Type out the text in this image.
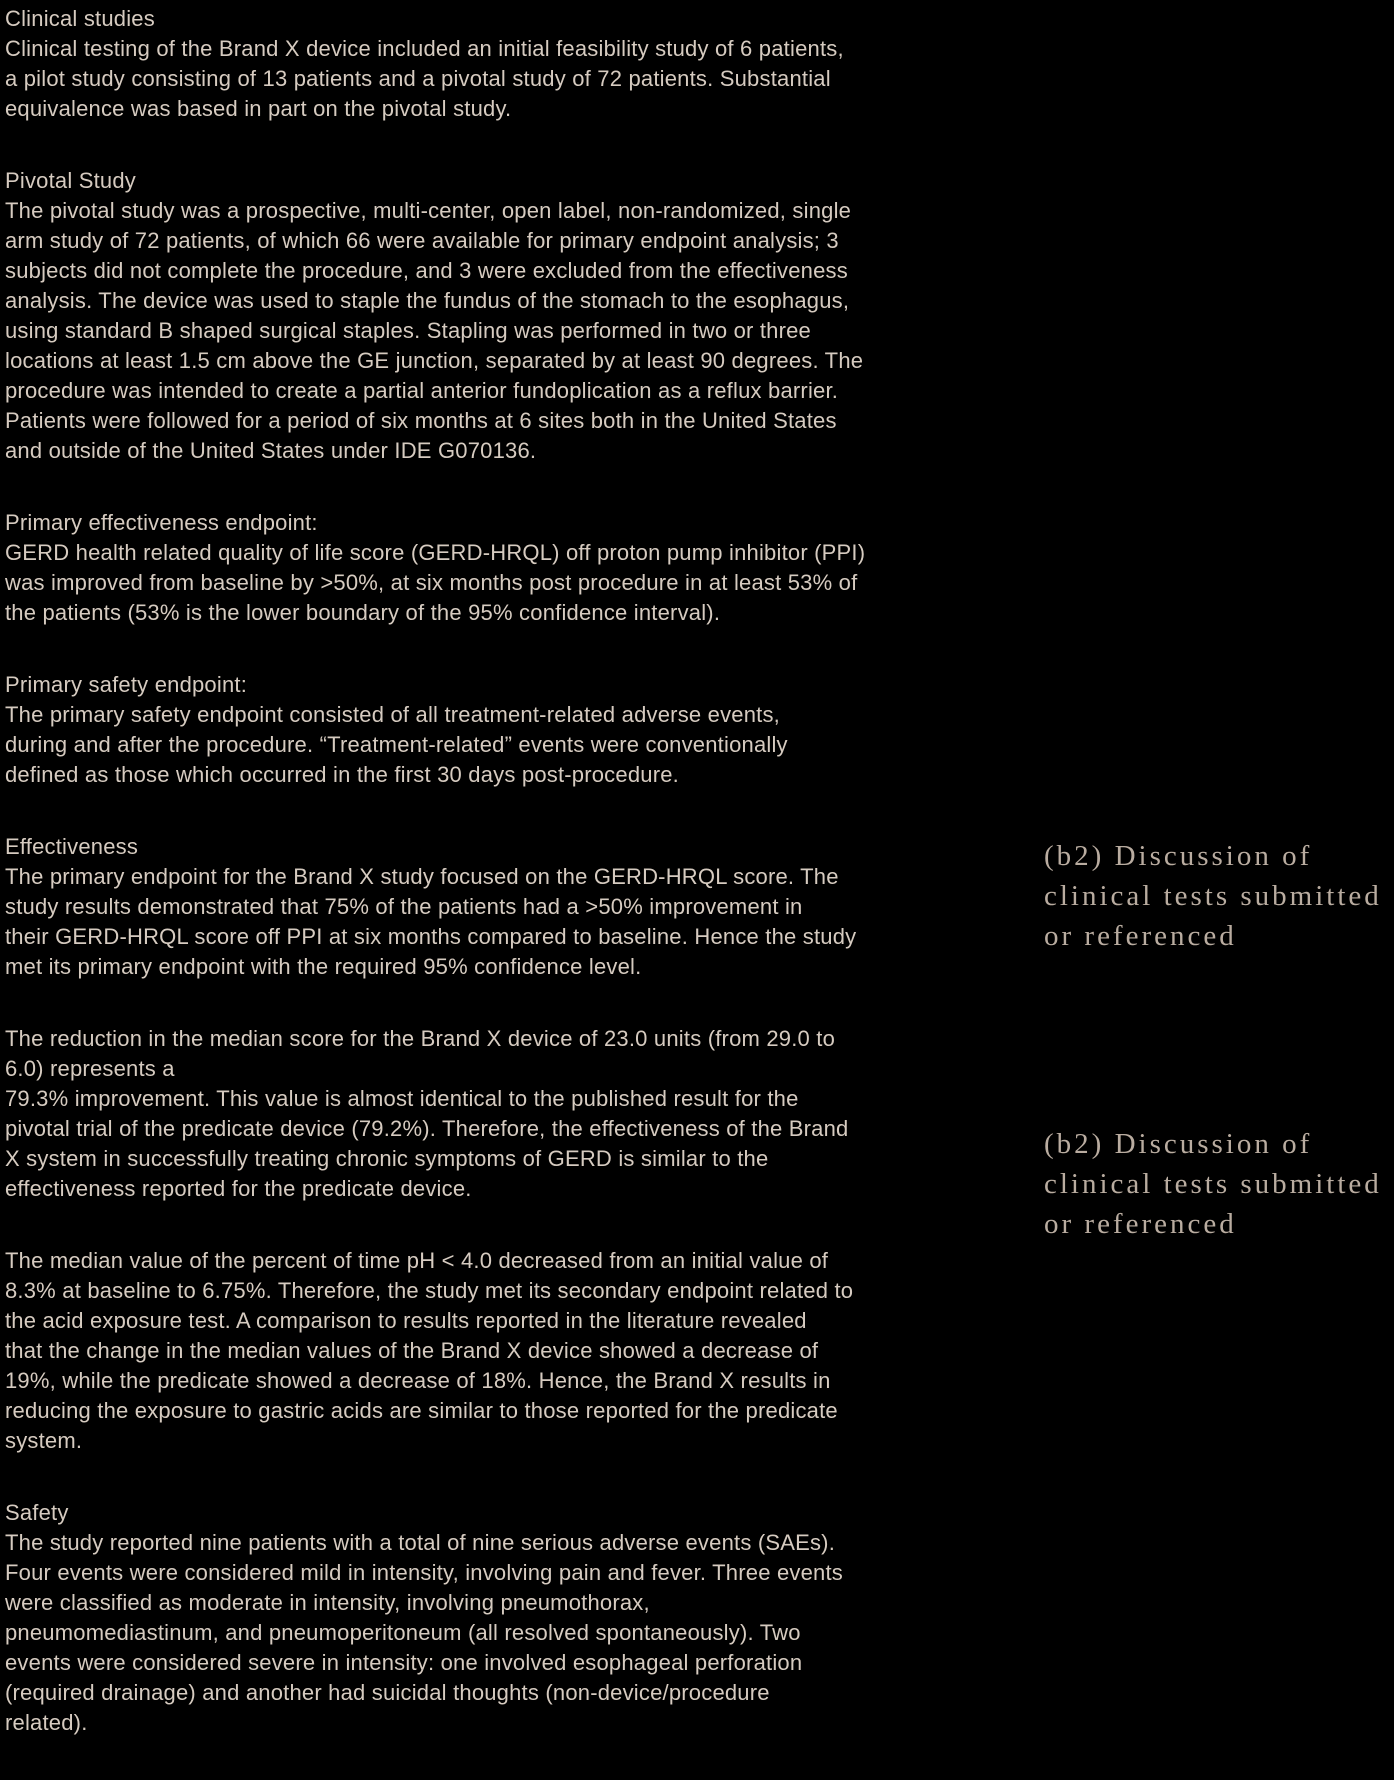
Clinical studies
Clinical testing of the Brand X device included an initial feasibility study of 6 patients,
a pilot study consisting of 13 patients and a pivotal study of 72 patients. Substantial
equivalence was based in part on the pivotal study.
Pivotal Study
The pivotal study was a prospective, multi-center, open label, non-randomized, single
arm study of 72 patients, of which 66 were available for primary endpoint analysis; 3
subjects did not complete the procedure, and 3 were excluded from the effectiveness
analysis. The device was used to staple the fundus of the stomach to the esophagus,
using standard B shaped surgical staples. Stapling was performed in two or three
locations at least 1.5 cm above the GE junction, separated by at least 90 degrees. The
procedure was intended to create a partial anterior fundoplication as a reflux barrier.
Patients were followed for a period of six months at 6 sites both in the United States
and outside of the United States under IDE G070136.
Primary effectiveness endpoint:
GERD health related quality of life score (GERD-HRQL) off proton pump inhibitor (PPI)
was improved from baseline by >50%, at six months post procedure in at least 53% of
the patients (53% is the lower boundary of the 95% confidence interval).
Primary safety endpoint:
The primary safety endpoint consisted of all treatment-related adverse events,
during and after the procedure. “Treatment-related” events were conventionally
defined as those which occurred in the first 30 days post-procedure.
Effectiveness
The primary endpoint for the Brand X study focused on the GERD-HRQL score. The
study results demonstrated that 75% of the patients had a >50% improvement in
their GERD-HRQL score off PPI at six months compared to baseline. Hence the study
met its primary endpoint with the required 95% confidence level.
The reduction in the median score for the Brand X device of 23.0 units (from 29.0 to
6.0) represents a
79.3% improvement. This value is almost identical to the published result for the
pivotal trial of the predicate device (79.2%). Therefore, the effectiveness of the Brand
X system in successfully treating chronic symptoms of GERD is similar to the
effectiveness reported for the predicate device.
The median value of the percent of time pH < 4.0 decreased from an initial value of
8.3% at baseline to 6.75%. Therefore, the study met its secondary endpoint related to
the acid exposure test. A comparison to results reported in the literature revealed
that the change in the median values of the Brand X device showed a decrease of
19%, while the predicate showed a decrease of 18%. Hence, the Brand X results in
reducing the exposure to gastric acids are similar to those reported for the predicate
system.
Safety
The study reported nine patients with a total of nine serious adverse events (SAEs).
Four events were considered mild in intensity, involving pain and fever. Three events
were classified as moderate in intensity, involving pneumothorax,
pneumomediastinum, and pneumoperitoneum (all resolved spontaneously). Two
events were considered severe in intensity: one involved esophageal perforation
(required drainage) and another had suicidal thoughts (non-device/procedure
related).
(b2) Discussion of
clinical tests submitted
or referenced
(b2) Discussion of
clinical tests submitted
or referenced
